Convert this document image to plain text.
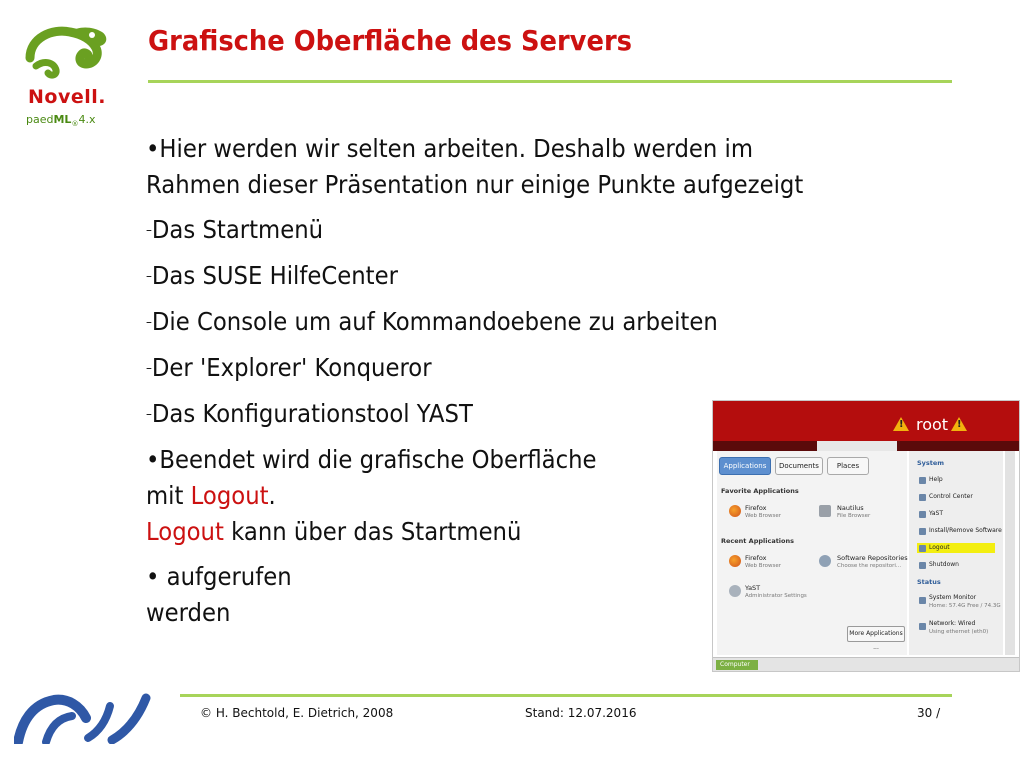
Novell.
paedML$_®$4.x
Grafische Oberfläche des Servers
•Hier werden wir selten arbeiten. Deshalb werden im
Rahmen dieser Präsentation nur einige Punkte aufgezeigt
–Das Startmenü
–Das SUSE HilfeCenter
–Die Console um auf Kommandoebene zu arbeiten
–Der 'Explorer' Konqueror
–Das Konfigurationstool YAST
•Beendet wird die grafische Oberfläche
mit Logout.
Logout kann über das Startmenü
• aufgerufen
werden
!
root
!
Applications	Documents	Places
Favorite Applications
Firefox
Web Browser
Nautilus
File Browser
Recent Applications
Firefox
Web Browser
Software Repositories
Choose the repositori...
YaST
Administrator Settings
More Applications ...
System
Help
Control Center
YaST
Install/Remove Software
Logout
Shutdown
Status
System Monitor
Home: 57.4G Free / 74.3G
Network: Wired
Using ethernet (eth0)
Computer
© H. Bechtold, E. Dietrich, 2008	Stand: 12.07.2016	30 /
